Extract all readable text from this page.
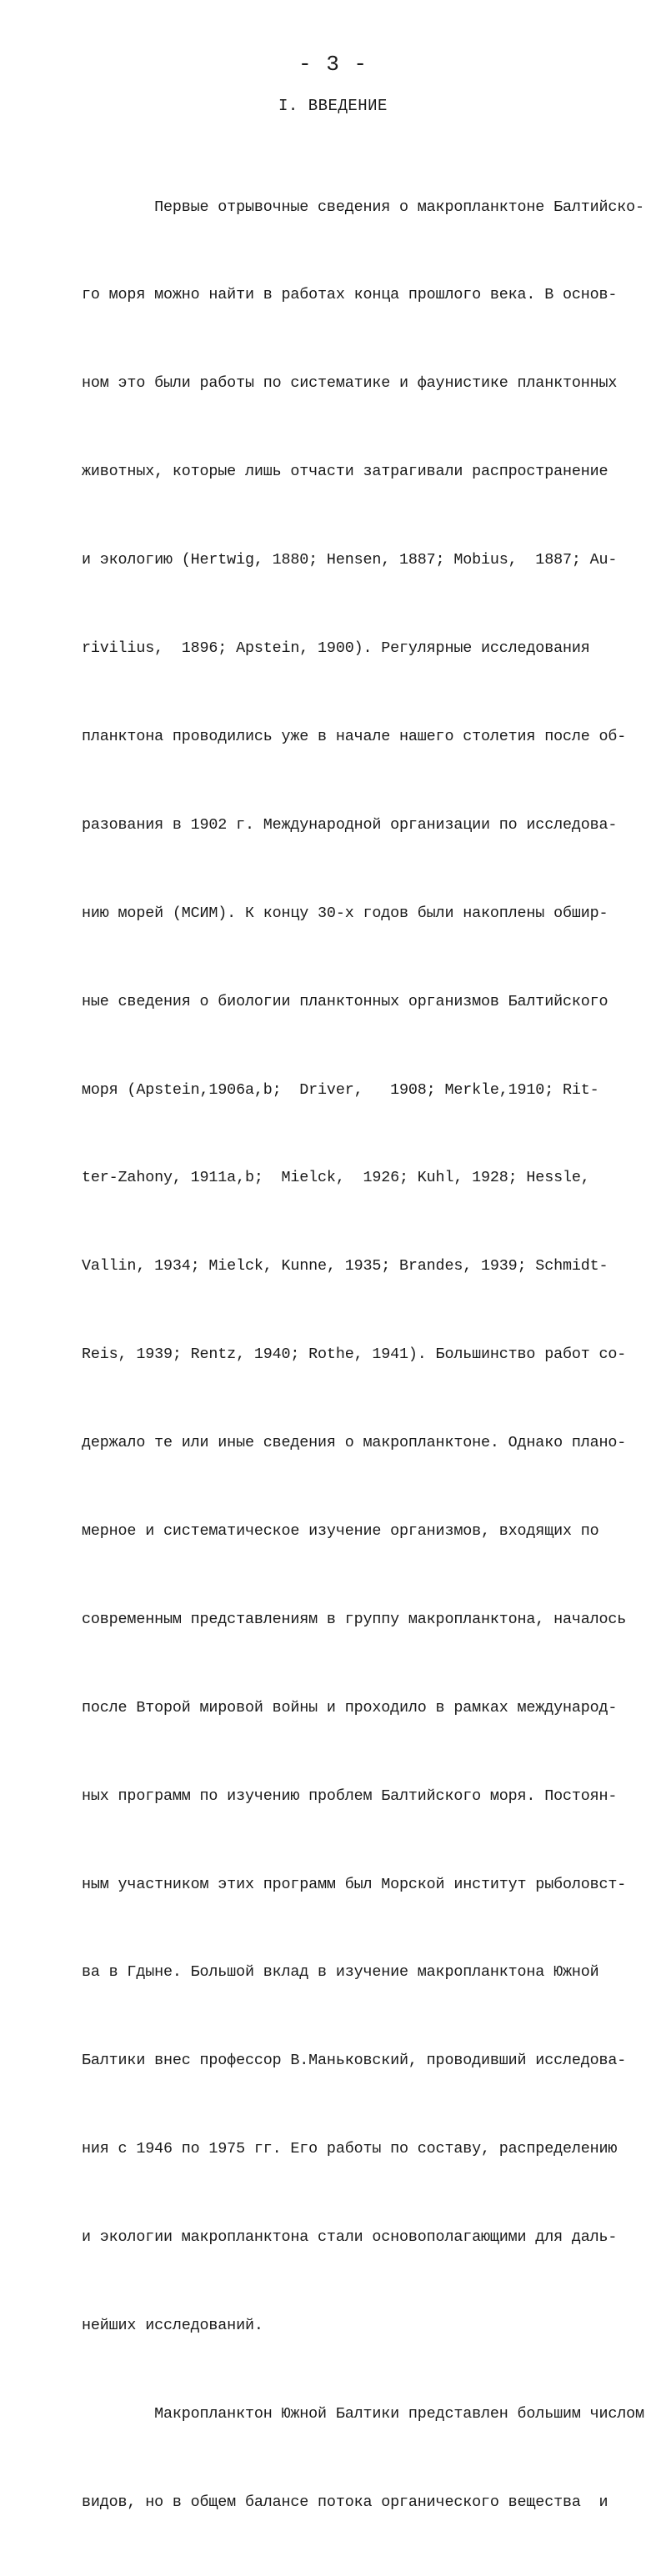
- 3 -
I. ВВЕДЕНИЕ

Первые отрывочные сведения о макропланктоне Балтийско-

го моря можно найти в работах конца прошлого века. В основ-

ном это были работы по систематике и фаунистике планктонных

животных, которые лишь отчасти затрагивали распространение

и экологию (Hertwig, 1880; Hensen, 1887; Mobius,  1887; Au-

rivilius,  1896; Apstein, 1900). Регулярные исследования

планктона проводились уже в начале нашего столетия после об-

разования в 1902 г. Международной организации по исследова-

нию морей (МСИМ). К концу 30-х годов были накоплены обшир-

ные сведения о биологии планктонных организмов Балтийского

моря (Apstein,1906a,b;  Driver,   1908; Merkle,1910; Rit-

ter-Zahony, 1911a,b;  Mielck,  1926; Kuhl, 1928; Hessle,

Vallin, 1934; Mielck, Kunne, 1935; Brandes, 1939; Schmidt-

Reis, 1939; Rentz, 1940; Rothe, 1941). Большинство работ со-

держало те или иные сведения о макропланктоне. Однако плано-

мерное и систематическое изучение организмов, входящих по

современным представлениям в группу макропланктона, началось

после Второй мировой войны и проходило в рамках международ-

ных программ по изучению проблем Балтийского моря. Постоян-

ным участником этих программ был Морской институт рыболовст-

ва в Гдыне. Большой вклад в изучение макропланктона Южной

Балтики внес профессор В.Маньковский, проводивший исследова-

ния с 1946 по 1975 гг. Его работы по составу, распределению

и экологии макропланктона стали основополагающими для даль-

нейших исследований.

Макропланктон Южной Балтики представлен большим числом

видов, но в общем балансе потока органического вещества  и
